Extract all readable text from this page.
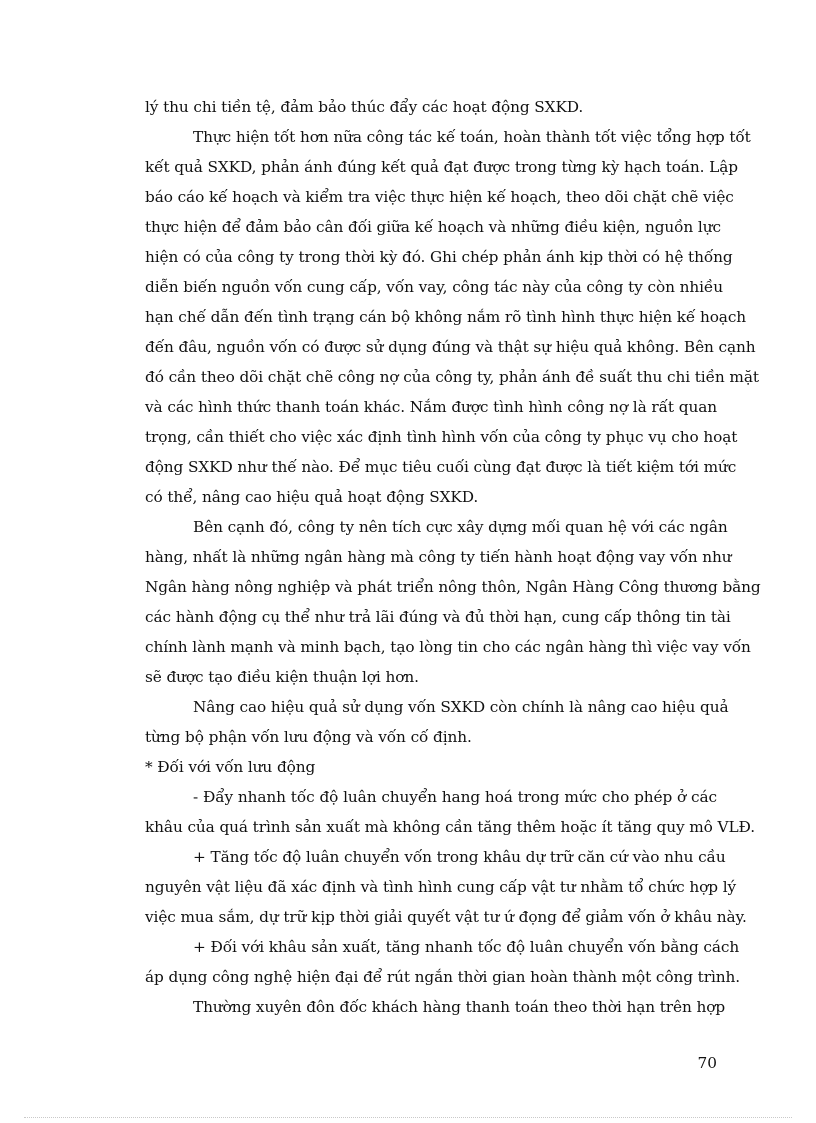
lý thu chi tiền tệ, đảm bảo thúc đẩy các hoạt động SXKD.
Thực hiện tốt hơn nữa công tác kế toán, hoàn thành tốt việc tổng hợp tốt
kết quả SXKD, phản ánh đúng kết quả đạt được trong từng kỳ hạch toán. Lập
báo cáo kế hoạch và kiểm tra việc thực hiện kế hoạch, theo dõi chặt chẽ việc
thực hiện để đảm bảo cân đối giữa kế hoạch và những điều kiện, nguồn lực
hiện có của công ty trong thời kỳ đó. Ghi chép phản ánh kịp thời có hệ thống
diễn biến nguồn vốn cung cấp, vốn vay, công tác này của công ty còn nhiều
hạn chế dẫn đến tình trạng cán bộ không nắm rõ tình hình thực hiện kế hoạch
đến đâu, nguồn vốn có được sử dụng đúng và thật sự hiệu quả không. Bên cạnh
đó cần theo dõi chặt chẽ công nợ của công ty, phản ánh đề suất thu chi tiền mặt
và các hình thức thanh toán khác. Nắm được tình hình công nợ là rất quan
trọng, cần thiết cho việc xác định tình hình vốn của công ty phục vụ cho hoạt
động SXKD như thế nào. Để mục tiêu cuối cùng đạt được là tiết kiệm tới mức
có thể, nâng cao hiệu quả hoạt động SXKD.
Bên cạnh đó, công ty nên tích cực xây dựng mối quan hệ với các ngân
hàng, nhất là những ngân hàng mà công ty tiến hành hoạt động vay vốn như
Ngân hàng nông nghiệp và phát triển nông thôn, Ngân Hàng Công thương bằng
các hành động cụ thể như trả lãi đúng và đủ thời hạn, cung cấp thông tin tài
chính lành mạnh và minh bạch, tạo lòng tin cho các ngân hàng thì việc vay vốn
sẽ được tạo điều kiện thuận lợi hơn.
Nâng cao hiệu quả sử dụng vốn SXKD còn chính là nâng cao hiệu quả
từng bộ phận vốn lưu động và vốn cố định.
* Đối với vốn lưu động
- Đẩy nhanh tốc độ luân chuyển hang hoá trong mức cho phép ở các
khâu của quá trình sản xuất mà không cần tăng thêm hoặc ít tăng quy mô VLĐ.
+ Tăng tốc độ luân chuyển vốn trong khâu dự trữ căn cứ vào nhu cầu
nguyên vật liệu đã xác định và tình hình cung cấp vật tư nhằm tổ chức hợp lý
việc mua sắm, dự trữ kịp thời giải quyết vật tư ứ đọng để giảm vốn ở khâu này.
+ Đối với khâu sản xuất, tăng nhanh tốc độ luân chuyển vốn bằng cách
áp dụng công nghệ hiện đại để rút ngắn thời gian hoàn thành một công trình.
Thường xuyên đôn đốc khách hàng thanh toán theo thời hạn trên hợp
70
